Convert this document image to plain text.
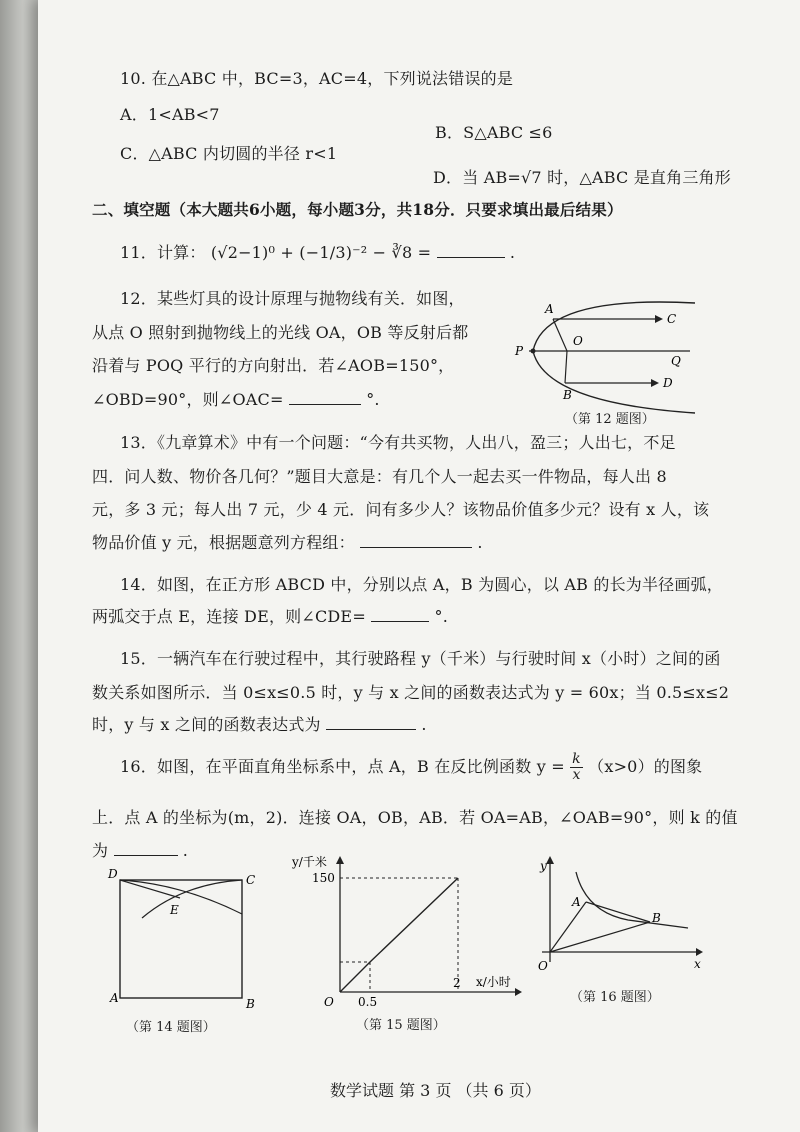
10. 在△ABC 中，BC=3，AC=4，下列说法错误的是
A．1<AB<7
B．S△ABC ≤6
C．△ABC 内切圆的半径 r<1
D．当 AB=√7 时，△ABC 是直角三角形
二、填空题（本大题共6小题，每小题3分，共18分．只要求填出最后结果）
11．计算： (√2−1)⁰ + (−1/3)⁻² − ∛8 =	.
12．某些灯具的设计原理与抛物线有关．如图，
从点 O 照射到抛物线上的光线 OA，OB 等反射后都
沿着与 POQ 平行的方向射出．若∠AOB=150°，
∠OBD=90°，则∠OAC=	°.
A
B
C
D
O
P
Q
（第 12 题图）
13．《九章算术》中有一个问题：“今有共买物，人出八，盈三；人出七，不足
四．问人数、物价各几何？”题目大意是：有几个人一起去买一件物品，每人出 8
元，多 3 元；每人出 7 元，少 4 元．问有多少人？该物品价值多少元？设有 x 人，该
物品价值 y 元，根据题意列方程组：	.
14．如图，在正方形 ABCD 中，分别以点 A，B 为圆心，以 AB 的长为半径画弧，
两弧交于点 E，连接 DE，则∠CDE=	°.
15．一辆汽车在行驶过程中，其行驶路程 y（千米）与行驶时间 x（小时）之间的函
数关系如图所示．当 0≤x≤0.5 时，y 与 x 之间的函数表达式为 y = 60x；当 0.5≤x≤2
时，y 与 x 之间的函数表达式为	.
16．如图，在平面直角坐标系中，点 A，B 在反比例函数 $y = \frac{k}{x} (x>0)$的图象
上．点 A 的坐标为(m，2)．连接 OA，OB，AB．若 OA=AB，∠OAB=90°，则 k 的值
为	.
D	C
E
A	B
（第 14 题图）
y/千米
x/小时
150
0.5
2
O
（第 15 题图）
y
x
O
A
B
（第 16 题图）
数学试题 第 3 页 （共 6 页）
